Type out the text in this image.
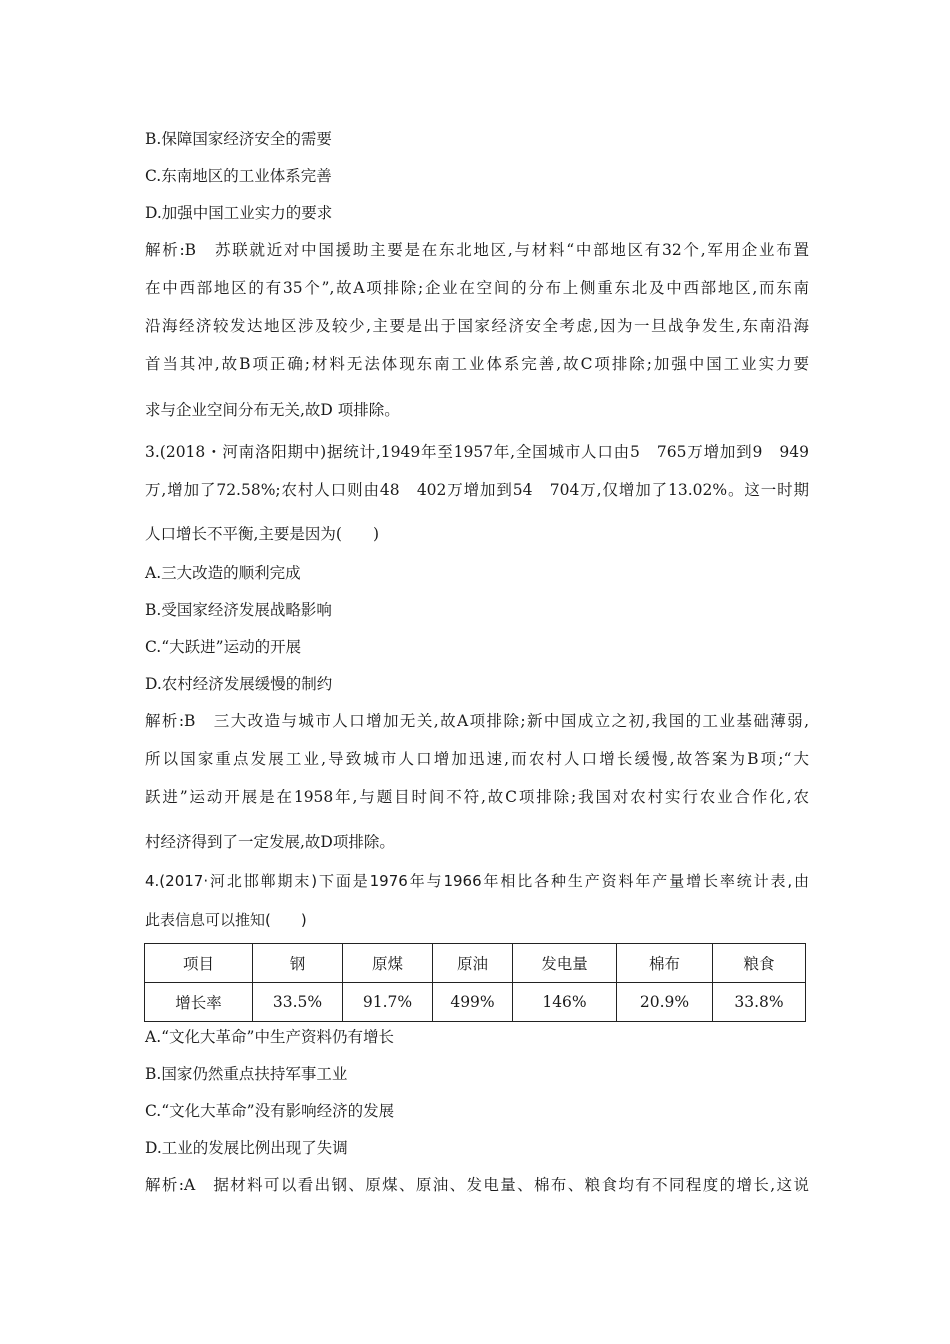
B.保障国家经济安全的需要
C.东南地区的工业体系完善
D.加强中国工业实力的要求
解析:B　苏联就近对中国援助主要是在东北地区,与材料“中部地区有32个,军用企业布置
在中西部地区的有35个”,故A项排除;企业在空间的分布上侧重东北及中西部地区,而东南
沿海经济较发达地区涉及较少,主要是出于国家经济安全考虑,因为一旦战争发生,东南沿海
首当其冲,故B项正确;材料无法体现东南工业体系完善,故C项排除;加强中国工业实力要
求与企业空间分布无关,故D 项排除。
3.(2018・河南洛阳期中)据统计,1949年至1957年,全国城市人口由5　765万增加到9　949
万,增加了72.58%;农村人口则由48　402万增加到54　704万,仅增加了13.02%。这一时期
人口增长不平衡,主要是因为(　　)
A.三大改造的顺利完成
B.受国家经济发展战略影响
C.“大跃进”运动的开展
D.农村经济发展缓慢的制约
解析:B　三大改造与城市人口增加无关,故A项排除;新中国成立之初,我国的工业基础薄弱,
所以国家重点发展工业,导致城市人口增加迅速,而农村人口增长缓慢,故答案为B项;“大
跃进”运动开展是在1958年,与题目时间不符,故C项排除;我国对农村实行农业合作化,农
村经济得到了一定发展,故D项排除。
4.(2017·河北邯郸期末)下面是1976年与1966年相比各种生产资料年产量增长率统计表,由
此表信息可以推知(　　)
项目	钢	原煤	原油	发电量	棉布	粮食
增长率	33.5%	91.7%	499%	146%	20.9%	33.8%
A.“文化大革命”中生产资料仍有增长
B.国家仍然重点扶持军事工业
C.“文化大革命”没有影响经济的发展
D.工业的发展比例出现了失调
解析:A　据材料可以看出钢、原煤、原油、发电量、棉布、粮食均有不同程度的增长,这说
